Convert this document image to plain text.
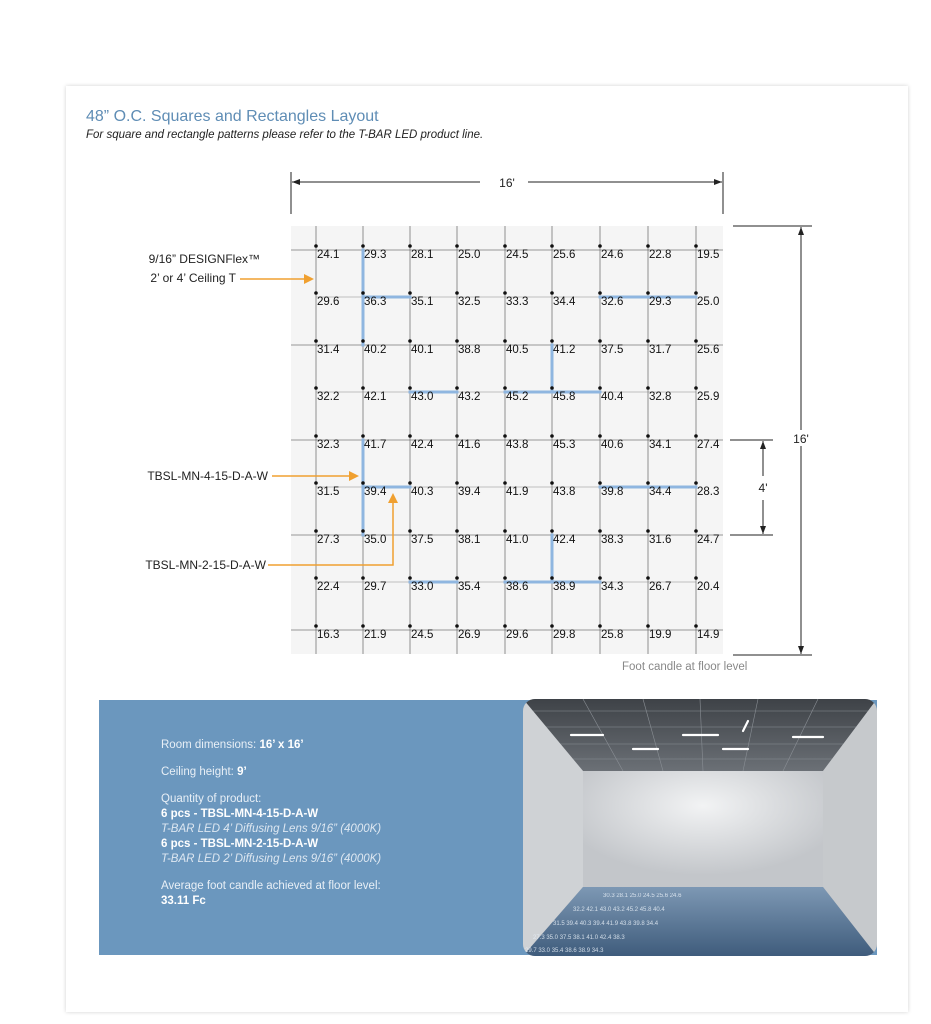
48” O.C. Squares and Rectangles Layout
For square and rectangle patterns please refer to the T-BAR LED product line.
16'
16'
4'
24.1 29.3 28.1 25.0 24.5 25.6 24.6 22.8 19.5
29.6 36.3 35.1 32.5 33.3 34.4 32.6 29.3 25.0
31.4 40.2 40.1 38.8 40.5 41.2 37.5 31.7 25.6
32.2 42.1 43.0 43.2 45.2 45.8 40.4 32.8 25.9
32.3 41.7 42.4 41.6 43.8 45.3 40.6 34.1 27.4
31.5 39.4 40.3 39.4 41.9 43.8 39.8 34.4 28.3
27.3 35.0 37.5 38.1 41.0 42.4 38.3 31.6 24.7
22.4 29.7 33.0 35.4 38.6 38.9 34.3 26.7 20.4
16.3 21.9 24.5 26.9 29.6 29.8 25.8 19.9 14.9
9/16” DESIGNFlex™
2’ or 4’ Ceiling T
TBSL-MN-4-15-D-A-W
TBSL-MN-2-15-D-A-W
Foot candle at floor level

Room dimensions: 16’ x 16’

Ceiling height: 9’

Quantity of product:
6 pcs - TBSL-MN-4-15-D-A-W
T-BAR LED 4’ Diffusing Lens 9/16” (4000K)
6 pcs - TBSL-MN-2-15-D-A-W
T-BAR LED 2’ Diffusing Lens 9/16” (4000K)

Average foot candle achieved at floor level:
33.11 Fc	30.3 28.1 25.0 24.5 25.6 24.6
32.2 42.1 43.0 43.2 45.2 45.8 40.4
31.5 39.4 40.3 39.4 41.9 43.8 39.8 34.4
27.3 35.0 37.5 38.1 41.0 42.4 38.3
29.7 33.0 35.4 38.6 38.9 34.3
